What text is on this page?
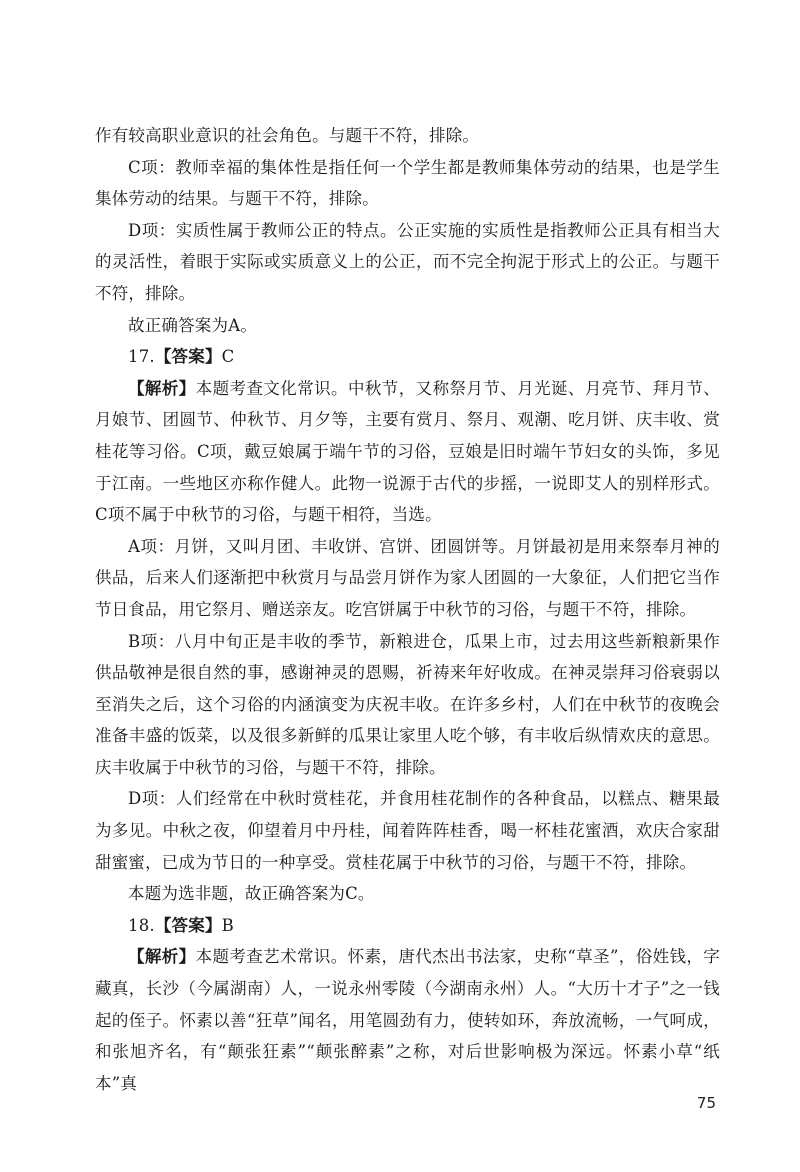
作有较高职业意识的社会角色。与题干不符，排除。

C项：教师幸福的集体性是指任何一个学生都是教师集体劳动的结果，也是学生集体劳动的结果。与题干不符，排除。

D项：实质性属于教师公正的特点。公正实施的实质性是指教师公正具有相当大的灵活性，着眼于实际或实质意义上的公正，而不完全拘泥于形式上的公正。与题干不符，排除。

故正确答案为A。

17.【答案】C

【解析】本题考查文化常识。中秋节，又称祭月节、月光诞、月亮节、拜月节、月娘节、团圆节、仲秋节、月夕等，主要有赏月、祭月、观潮、吃月饼、庆丰收、赏桂花等习俗。C项，戴豆娘属于端午节的习俗，豆娘是旧时端午节妇女的头饰，多见于江南。一些地区亦称作健人。此物一说源于古代的步摇，一说即艾人的别样形式。C项不属于中秋节的习俗，与题干相符，当选。

A项：月饼，又叫月团、丰收饼、宫饼、团圆饼等。月饼最初是用来祭奉月神的供品，后来人们逐渐把中秋赏月与品尝月饼作为家人团圆的一大象征，人们把它当作节日食品，用它祭月、赠送亲友。吃宫饼属于中秋节的习俗，与题干不符，排除。

B项：八月中旬正是丰收的季节，新粮进仓，瓜果上市，过去用这些新粮新果作供品敬神是很自然的事，感谢神灵的恩赐，祈祷来年好收成。在神灵崇拜习俗衰弱以至消失之后，这个习俗的内涵演变为庆祝丰收。在许多乡村，人们在中秋节的夜晚会准备丰盛的饭菜，以及很多新鲜的瓜果让家里人吃个够，有丰收后纵情欢庆的意思。庆丰收属于中秋节的习俗，与题干不符，排除。

D项：人们经常在中秋时赏桂花，并食用桂花制作的各种食品，以糕点、糖果最为多见。中秋之夜，仰望着月中丹桂，闻着阵阵桂香，喝一杯桂花蜜酒，欢庆合家甜甜蜜蜜，已成为节日的一种享受。赏桂花属于中秋节的习俗，与题干不符，排除。

本题为选非题，故正确答案为C。

18.【答案】B

【解析】本题考查艺术常识。怀素，唐代杰出书法家，史称“草圣”，俗姓钱，字藏真，长沙（今属湖南）人，一说永州零陵（今湖南永州）人。“大历十才子”之一钱起的侄子。怀素以善“狂草”闻名，用笔圆劲有力，使转如环，奔放流畅，一气呵成，和张旭齐名，有“颠张狂素”“颠张醉素”之称，对后世影响极为深远。怀素小草“纸本”真

75
